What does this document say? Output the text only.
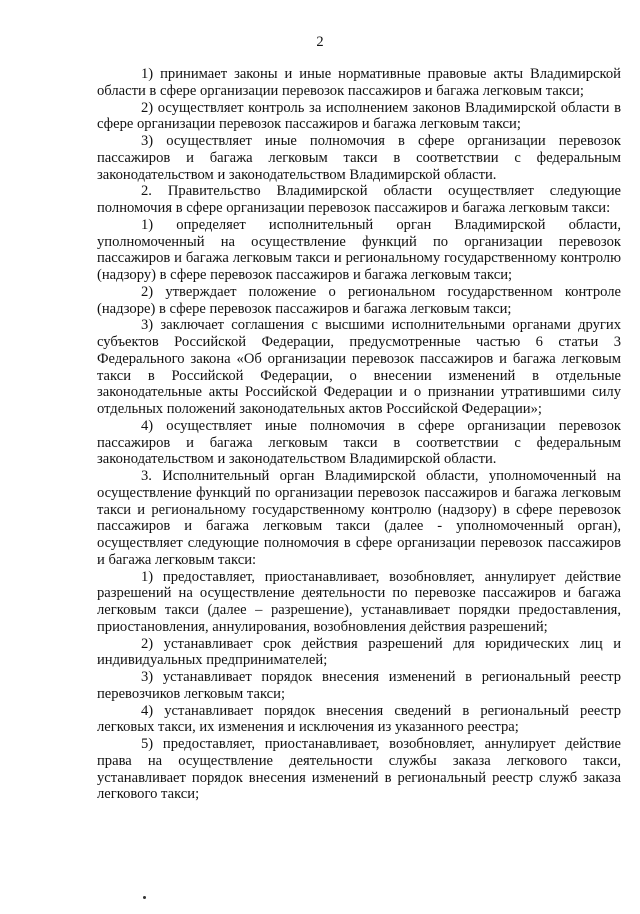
2

1) принимает законы и иные нормативные правовые акты Владимирской области в сфере организации перевозок пассажиров и багажа легковым такси;

2) осуществляет контроль за исполнением законов Владимирской области в сфере организации перевозок пассажиров и багажа легковым такси;

3) осуществляет иные полномочия в сфере организации перевозок пассажиров и багажа легковым такси в соответствии с федеральным законодательством и законодательством Владимирской области.

2. Правительство Владимирской области осуществляет следующие полномочия в сфере организации перевозок пассажиров и багажа легковым такси:

1) определяет исполнительный орган Владимирской области, уполномоченный на осуществление функций по организации перевозок пассажиров и багажа легковым такси и региональному государственному контролю (надзору) в сфере перевозок пассажиров и багажа легковым такси;

2) утверждает положение о региональном государственном контроле (надзоре) в сфере перевозок пассажиров и багажа легковым такси;

3) заключает соглашения с высшими исполнительными органами других субъектов Российской Федерации, предусмотренные частью 6 статьи 3 Федерального закона «Об организации перевозок пассажиров и багажа легковым такси в Российской Федерации, о внесении изменений в отдельные законодательные акты Российской Федерации и о признании утратившими силу отдельных положений законодательных актов Российской Федерации»;

4) осуществляет иные полномочия в сфере организации перевозок пассажиров и багажа легковым такси в соответствии с федеральным законодательством и законодательством Владимирской области.

3. Исполнительный орган Владимирской области, уполномоченный на осуществление функций по организации перевозок пассажиров и багажа легковым такси и региональному государственному контролю (надзору) в сфере перевозок пассажиров и багажа легковым такси (далее - уполномоченный орган), осуществляет следующие полномочия в сфере организации перевозок пассажиров и багажа легковым такси:

1) предоставляет, приостанавливает, возобновляет, аннулирует действие разрешений на осуществление деятельности по перевозке пассажиров и багажа легковым такси (далее – разрешение), устанавливает порядки предоставления, приостановления, аннулирования, возобновления действия разрешений;

2) устанавливает срок действия разрешений для юридических лиц и индивидуальных предпринимателей;

3) устанавливает порядок внесения изменений в региональный реестр перевозчиков легковым такси;

4) устанавливает порядок внесения сведений в региональный реестр легковых такси, их изменения и исключения из указанного реестра;

5) предоставляет, приостанавливает, возобновляет, аннулирует действие права на осуществление деятельности службы заказа легкового такси, устанавливает порядок внесения изменений в региональный реестр служб заказа легкового такси;
